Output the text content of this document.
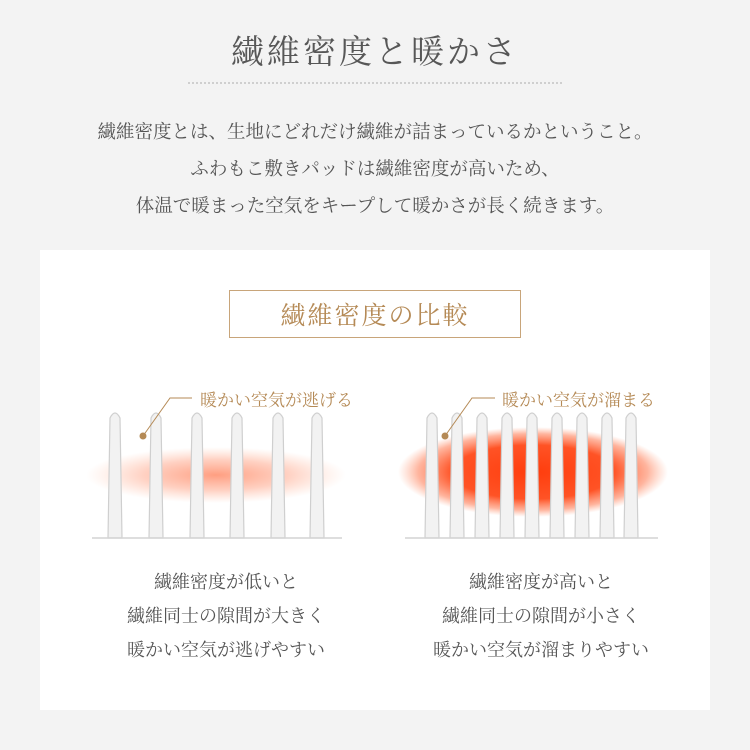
繊維密度と暖かさ
繊維密度とは、生地にどれだけ繊維が詰まっているかということ。
ふわもこ敷きパッドは繊維密度が高いため、
体温で暖まった空気をキープして暖かさが長く続きます。
繊維密度の比較
暖かい空気が逃げる	暖かい空気が溜まる
繊維密度が低いと
繊維同士の隙間が大きく
暖かい空気が逃げやすい
繊維密度が高いと
繊維同士の隙間が小さく
暖かい空気が溜まりやすい
